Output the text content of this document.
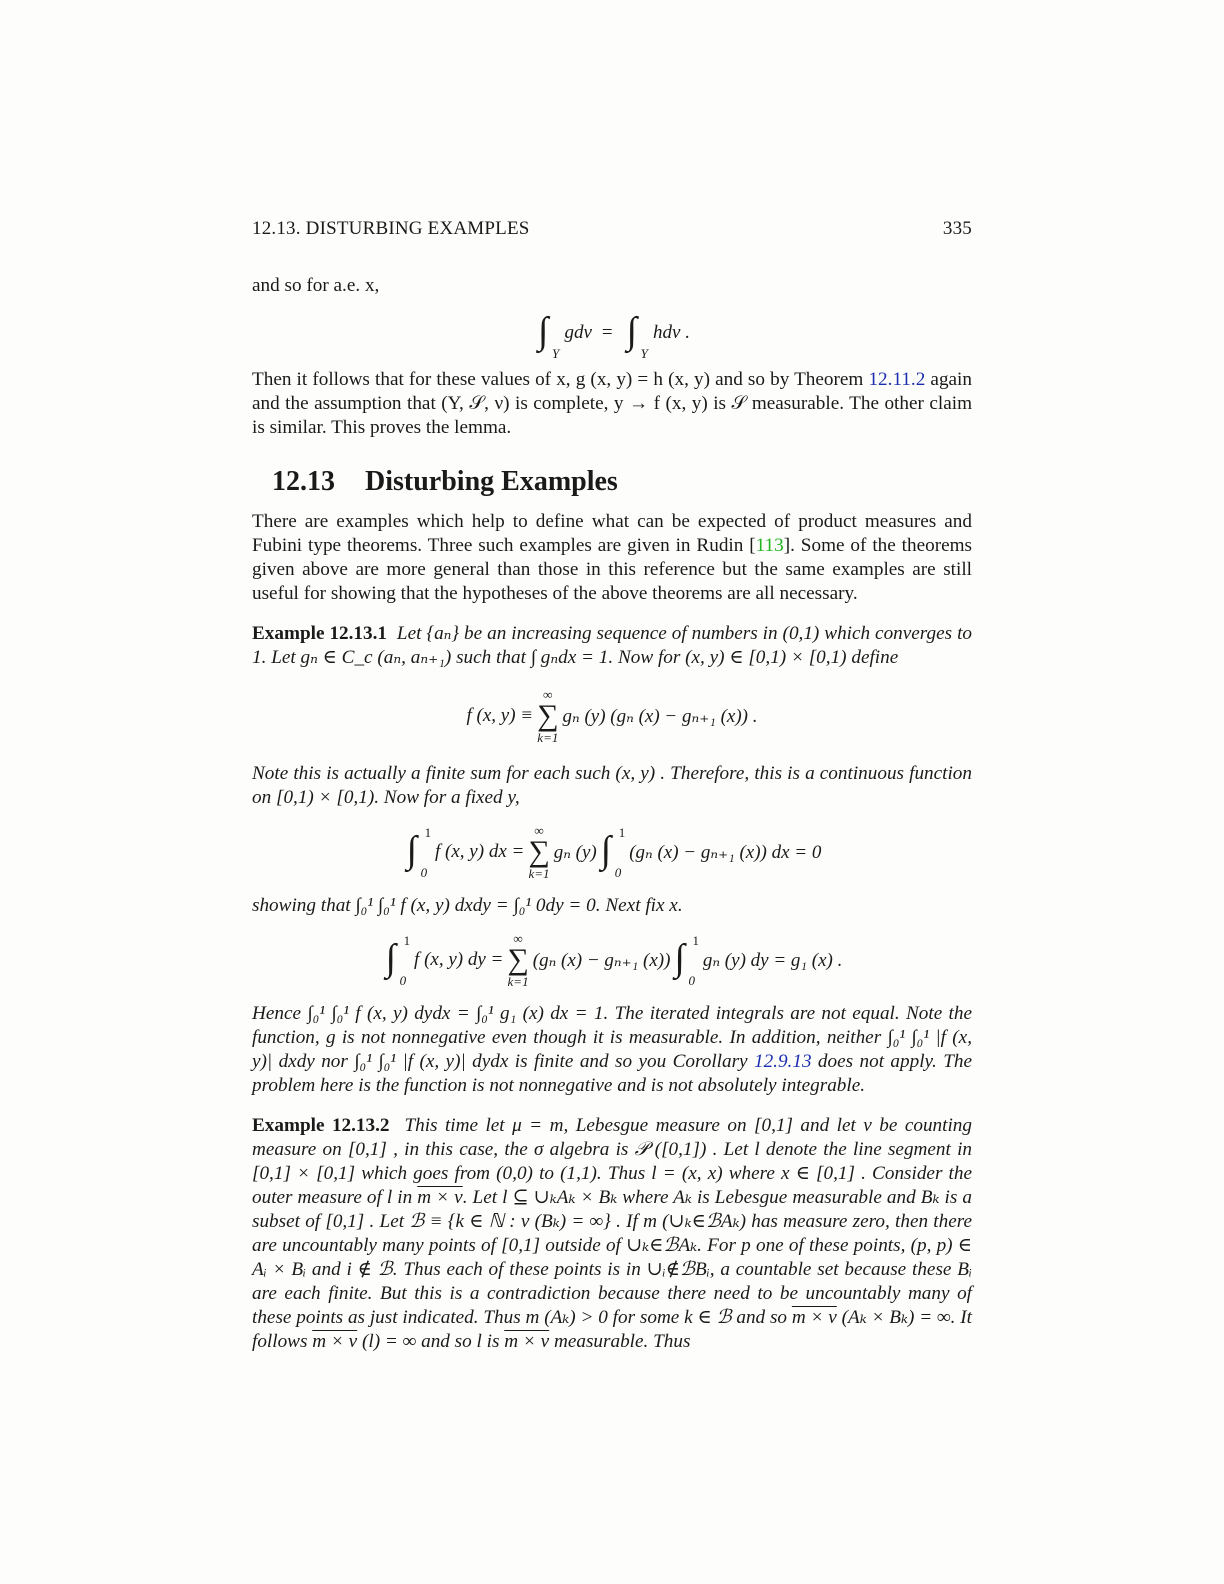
12.13. DISTURBING EXAMPLES	335

and so for a.e. x,

∫
Y
gdν = ∫
Y
hdν .

Then it follows that for these values of x, g (x, y) = h (x, y) and so by Theorem 12.11.2 again and the assumption that (Y, 𝒮, ν) is complete, y → f (x, y) is 𝒮 measurable. The other claim is similar. This proves the lemma.

12.13 Disturbing Examples

There are examples which help to define what can be expected of product measures and Fubini type theorems. Three such examples are given in Rudin [113]. Some of the theorems given above are more general than those in this reference but the same examples are still useful for showing that the hypotheses of the above theorems are all necessary.

Example 12.13.1 Let {aₙ} be an increasing sequence of numbers in (0,1) which converges to 1. Let gₙ ∈ C_c (aₙ, aₙ₊₁) such that ∫ gₙdx = 1. Now for (x, y) ∈ [0,1) × [0,1) define

f (x, y) ≡
∞
∑
k=1
gₙ (y) (gₙ (x) − gₙ₊₁ (x)) .

Note this is actually a finite sum for each such (x, y) . Therefore, this is a continuous function on [0,1) × [0,1). Now for a fixed y,

1
∫
0
f (x, y) dx =
∞
∑
k=1
gₙ (y)
1
∫
0
(gₙ (x) − gₙ₊₁ (x)) dx = 0

showing that ∫₀¹ ∫₀¹ f (x, y) dxdy = ∫₀¹ 0dy = 0. Next fix x.

1
∫
0
f (x, y) dy =
∞
∑
k=1
(gₙ (x) − gₙ₊₁ (x))
1
∫
0
gₙ (y) dy = g₁ (x) .

Hence ∫₀¹ ∫₀¹ f (x, y) dydx = ∫₀¹ g₁ (x) dx = 1. The iterated integrals are not equal. Note the function, g is not nonnegative even though it is measurable. In addition, neither ∫₀¹ ∫₀¹ |f (x, y)| dxdy nor ∫₀¹ ∫₀¹ |f (x, y)| dydx is finite and so you Corollary 12.9.13 does not apply. The problem here is the function is not nonnegative and is not absolutely integrable.

Example 12.13.2 This time let μ = m, Lebesgue measure on [0,1] and let ν be counting measure on [0,1] , in this case, the σ algebra is 𝒫 ([0,1]) . Let l denote the line segment in [0,1] × [0,1] which goes from (0,0) to (1,1). Thus l = (x, x) where x ∈ [0,1] . Consider the outer measure of l in m × ν. Let l ⊆ ∪ₖAₖ × Bₖ where Aₖ is Lebesgue measurable and Bₖ is a subset of [0,1] . Let ℬ ≡ {k ∈ ℕ : ν (Bₖ) = ∞} . If m (∪ₖ∈ℬAₖ) has measure zero, then there are uncountably many points of [0,1] outside of ∪ₖ∈ℬAₖ. For p one of these points, (p, p) ∈ Aᵢ × Bᵢ and i ∉ ℬ. Thus each of these points is in ∪ᵢ∉ℬBᵢ, a countable set because these Bᵢ are each finite. But this is a contradiction because there need to be uncountably many of these points as just indicated. Thus m (Aₖ) > 0 for some k ∈ ℬ and so m × ν (Aₖ × Bₖ) = ∞. It follows m × ν (l) = ∞ and so l is m × ν measurable. Thus
